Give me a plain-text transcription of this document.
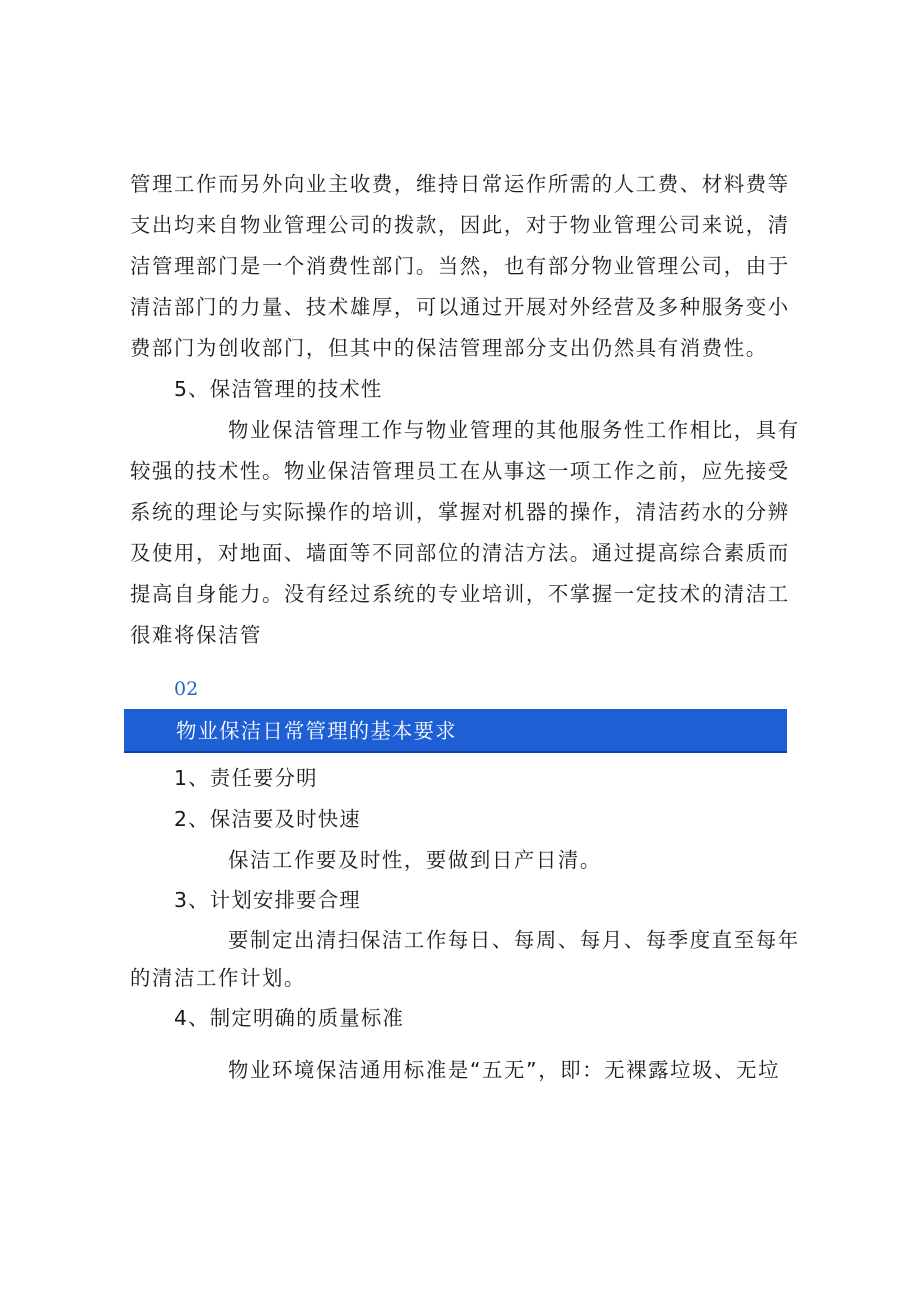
管理工作而另外向业主收费，维持日常运作所需的人工费、材料费等
支出均来自物业管理公司的拨款，因此，对于物业管理公司来说，清
洁管理部门是一个消费性部门。当然，也有部分物业管理公司，由于
清洁部门的力量、技术雄厚，可以通过开展对外经营及多种服务变小
费部门为创收部门，但其中的保洁管理部分支出仍然具有消费性。
5、保洁管理的技术性
物业保洁管理工作与物业管理的其他服务性工作相比，具有
较强的技术性。物业保洁管理员工在从事这一项工作之前，应先接受
系统的理论与实际操作的培训，掌握对机器的操作，清洁药水的分辨
及使用，对地面、墙面等不同部位的清洁方法。通过提高综合素质而
提高自身能力。没有经过系统的专业培训，不掌握一定技术的清洁工
很难将保洁管
02
物业保洁日常管理的基本要求
1、责任要分明
2、保洁要及时快速
保洁工作要及时性，要做到日产日清。
3、计划安排要合理
要制定出清扫保洁工作每日、每周、每月、每季度直至每年
的清洁工作计划。
4、制定明确的质量标准
物业环境保洁通用标准是“五无”，即：无裸露垃圾、无垃
